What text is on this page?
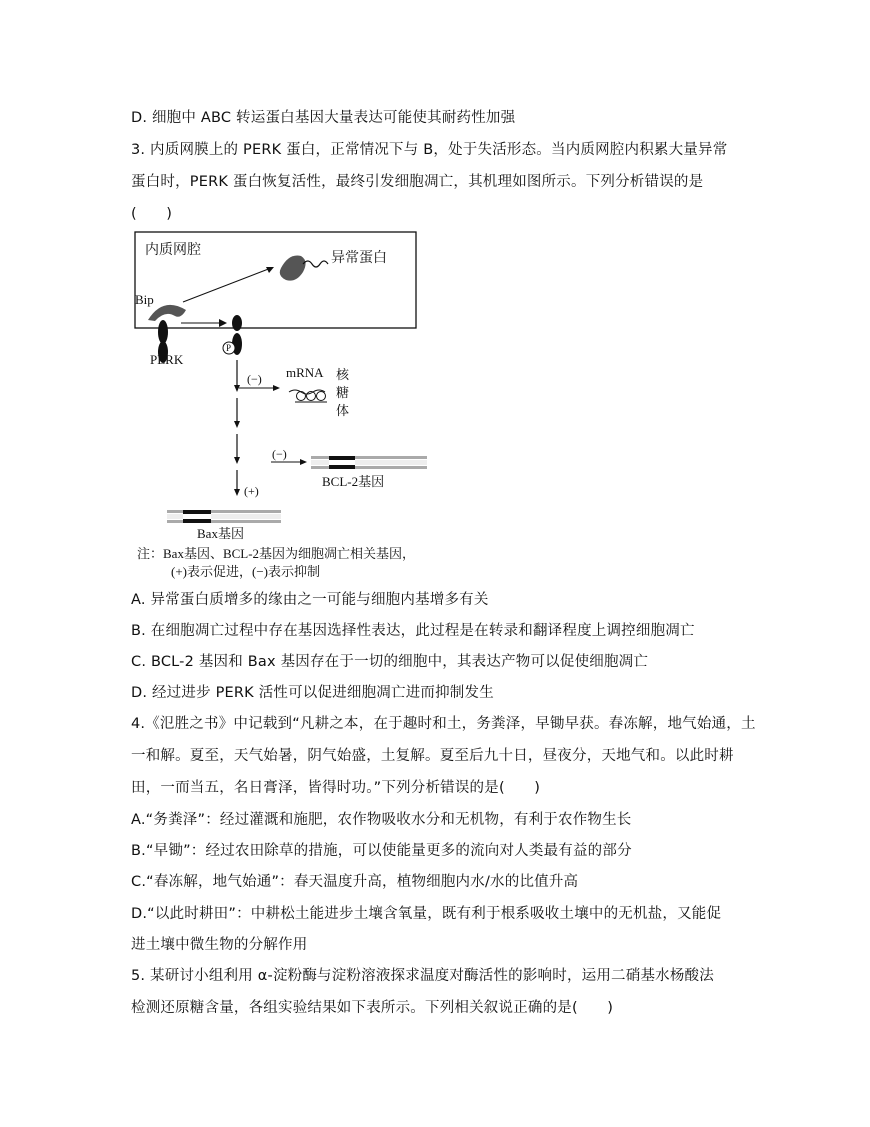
D. 细胞中 ABC 转运蛋白基因大量表达可能使其耐药性加强
3. 内质网膜上的 PERK 蛋白，正常情况下与 B，处于失活形态。当内质网腔内积累大量异常
蛋白时，PERK 蛋白恢复活性，最终引发细胞凋亡，其机理如图所示。下列分析错误的是
(　　)
内质网腔	异常蛋白
Bip
PERK
P
(−) mRNA 核
糖
体
(−)
BCL-2基因
(+)
Bax基因
注：Bax基因、BCL-2基因为细胞凋亡相关基因，
(+)表示促进，(−)表示抑制
A. 异常蛋白质增多的缘由之一可能与细胞内基增多有关
B. 在细胞凋亡过程中存在基因选择性表达，此过程是在转录和翻译程度上调控细胞凋亡
C. BCL-2 基因和 Bax 基因存在于一切的细胞中，其表达产物可以促使细胞凋亡
D. 经过进步 PERK 活性可以促进细胞凋亡进而抑制发生
4.《氾胜之书》中记载到“凡耕之本，在于趣时和土，务粪泽，早锄早获。春冻解，地气始通，土
一和解。夏至，天气始暑，阴气始盛，土复解。夏至后九十日，昼夜分，天地气和。以此时耕
田，一而当五，名日膏泽，皆得时功。”下列分析错误的是(　　)
A.“务粪泽”：经过灌溉和施肥，农作物吸收水分和无机物，有利于农作物生长
B.“早锄”：经过农田除草的措施，可以使能量更多的流向对人类最有益的部分
C.“春冻解，地气始通”：春天温度升高，植物细胞内水/水的比值升高
D.“以此时耕田”：中耕松土能进步土壤含氧量，既有利于根系吸收土壤中的无机盐，又能促
进土壤中微生物的分解作用
5. 某研讨小组利用 α-淀粉酶与淀粉溶液探求温度对酶活性的影响时，运用二硝基水杨酸法
检测还原糖含量，各组实验结果如下表所示。下列相关叙说正确的是(　　)
